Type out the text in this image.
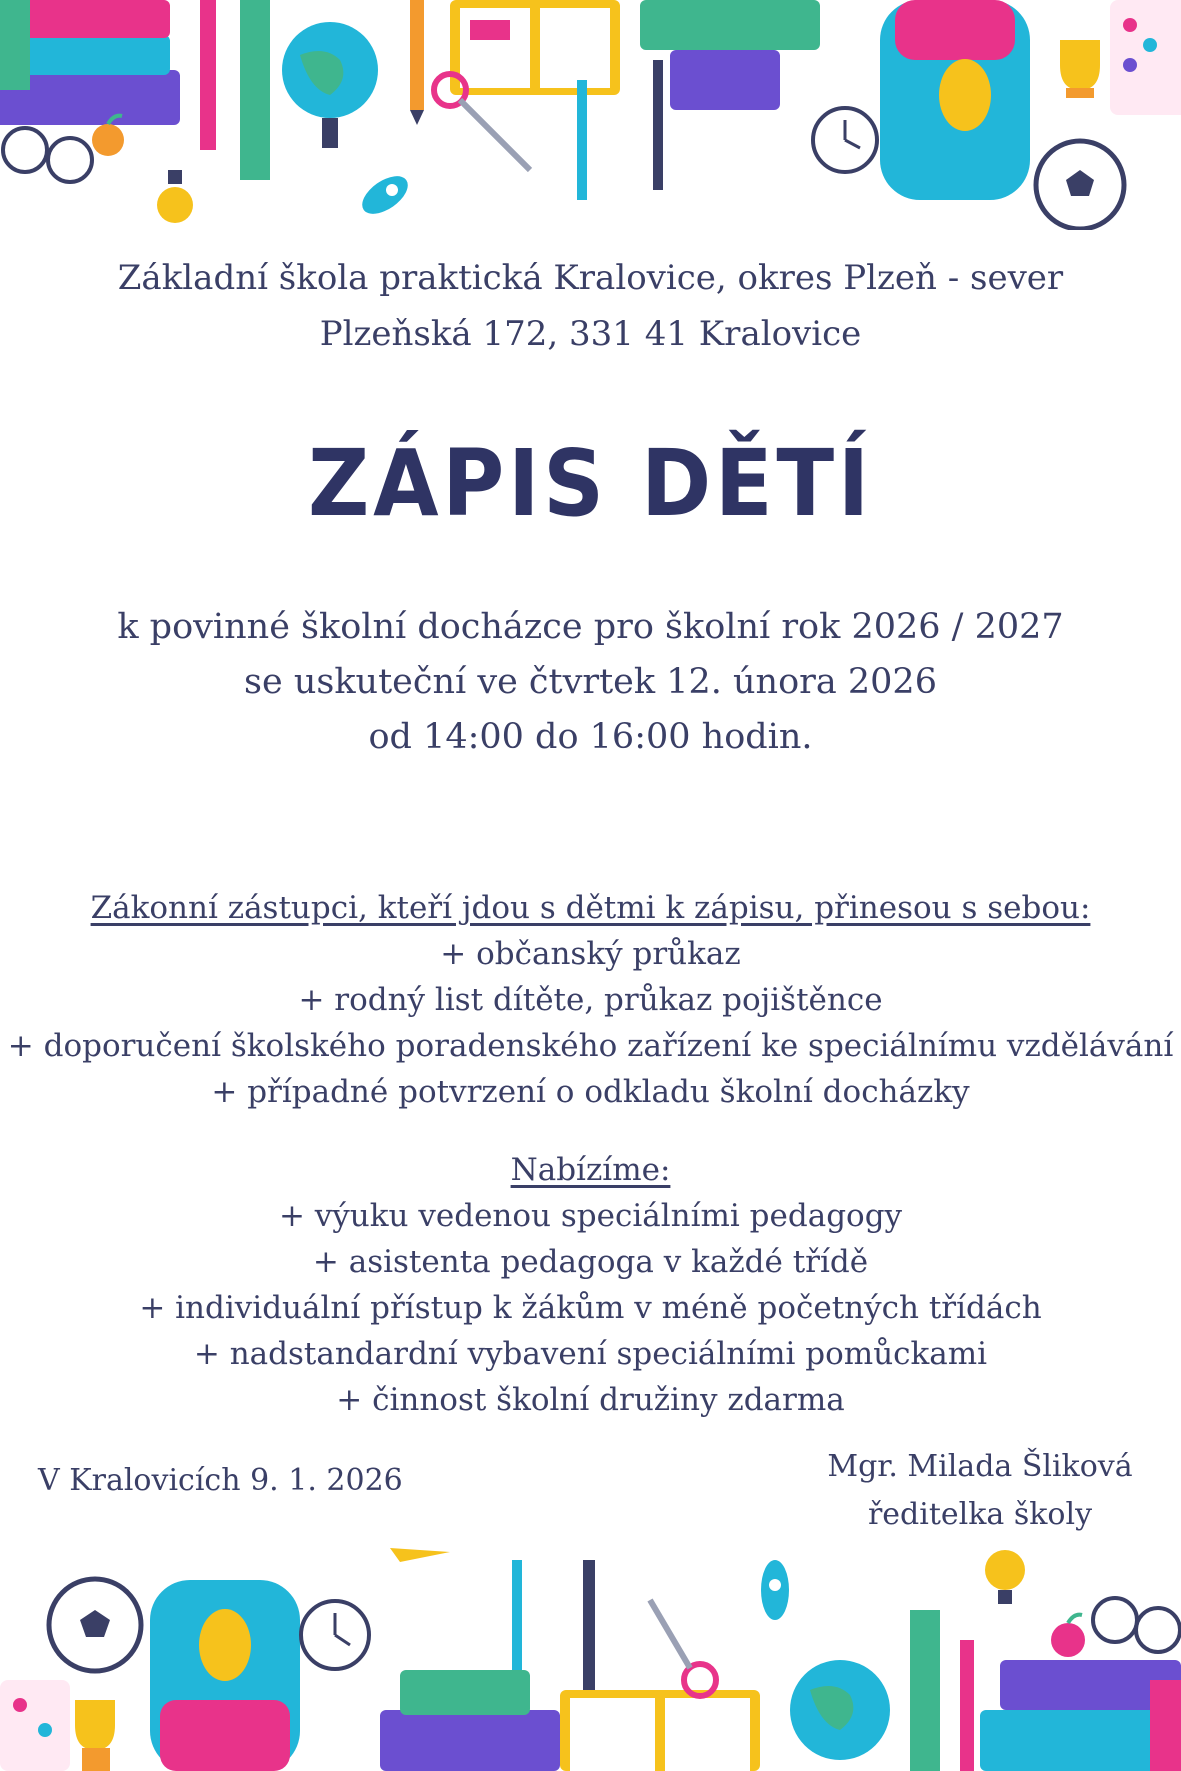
Základní škola praktická Kralovice, okres Plzeň - sever
Plzeňská 172, 331 41 Kralovice
ZÁPIS DĚTÍ
k povinné školní docházce pro školní rok 2026 / 2027
se uskuteční ve čtvrtek 12. února 2026
od 14:00 do 16:00 hodin.
Zákonní zástupci, kteří jdou s dětmi k zápisu, přinesou s sebou:
+ občanský průkaz
+ rodný list dítěte, průkaz pojištěnce
+ doporučení školského poradenského zařízení ke speciálnímu vzdělávání
+ případné potvrzení o odkladu školní docházky
Nabízíme:
+ výuku vedenou speciálními pedagogy
+ asistenta pedagoga v každé třídě
+ individuální přístup k žákům v méně početných třídách
+ nadstandardní vybavení speciálními pomůckami
+ činnost školní družiny zdarma
V Kralovicích 9. 1. 2026	Mgr. Milada Šliková
ředitelka školy
